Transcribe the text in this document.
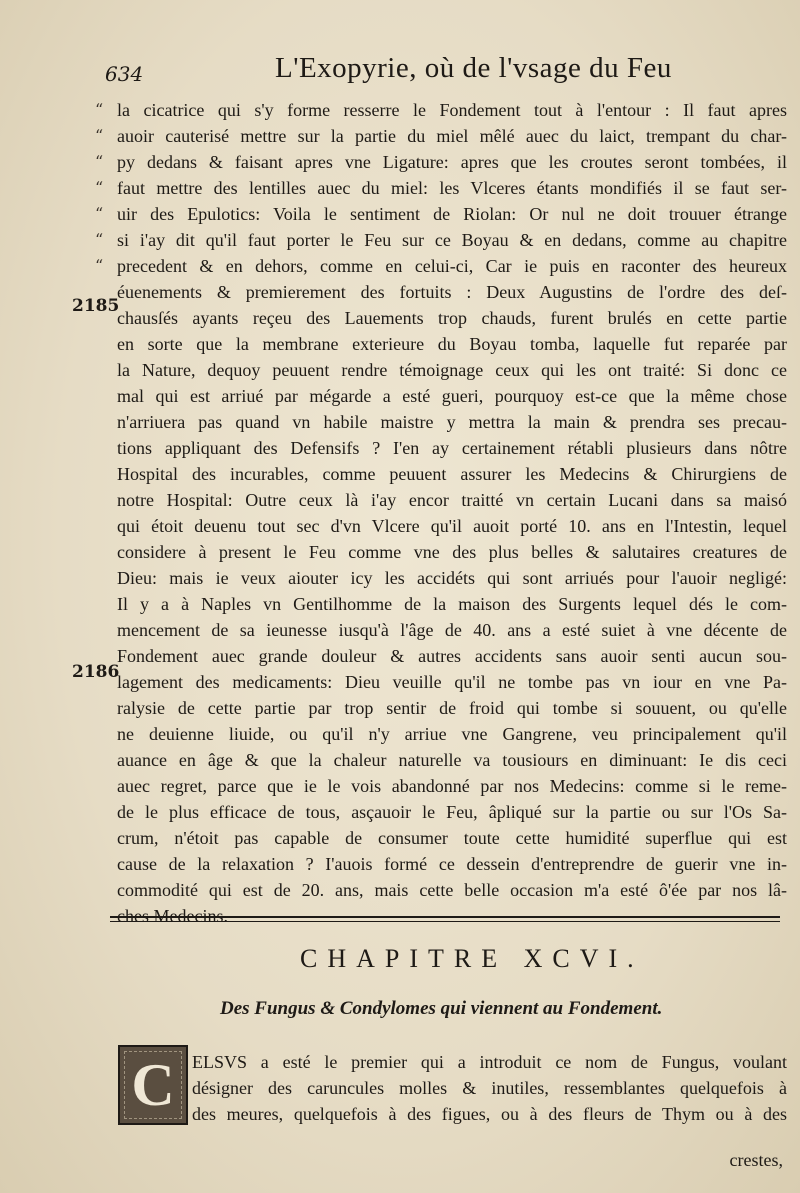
634	L'Exopyrie, où de l'vsage du Feu
“
“
“
“
“
“
“
2185
2186
la cicatrice qui s'y forme resserre le Fondement tout à l'entour : Il faut apres
auoir cauterisé mettre sur la partie du miel mêlé auec du laict, trempant du char-
py dedans & faisant apres vne Ligature: apres que les croutes seront tombées, il
faut mettre des lentilles auec du miel: les Vlceres étants mondifiés il se faut ser-
uir des Epulotics: Voila le sentiment de Riolan: Or nul ne doit trouuer étrange
si i'ay dit qu'il faut porter le Feu sur ce Boyau & en dedans, comme au chapitre
precedent & en dehors, comme en celui-ci, Car ie puis en raconter des heureux
éuenements & premierement des fortuits : Deux Augustins de l'ordre des deſ-
chausſés ayants reçeu des Lauements trop chauds, furent brulés en cette partie
en sorte que la membrane exterieure du Boyau tomba, laquelle fut reparée par
la Nature, dequoy peuuent rendre témoignage ceux qui les ont traité: Si donc ce
mal qui est arriué par mégarde a esté gueri, pourquoy est-ce que la même chose
n'arriuera pas quand vn habile maistre y mettra la main & prendra ses precau-
tions appliquant des Defensifs ? I'en ay certainement rétabli plusieurs dans nôtre
Hospital des incurables, comme peuuent assurer les Medecins & Chirurgiens de
notre Hospital: Outre ceux là i'ay encor traitté vn certain Lucani dans sa maisó
qui étoit deuenu tout sec d'vn Vlcere qu'il auoit porté 10. ans en l'Intestin, lequel
considere à present le Feu comme vne des plus belles & salutaires creatures de
Dieu: mais ie veux aiouter icy les accidéts qui sont arriués pour l'auoir negligé:
Il y a à Naples vn Gentilhomme de la maison des Surgents lequel dés le com-
mencement de sa ieunesse iusqu'à l'âge de 40. ans a esté suiet à vne décente de
Fondement auec grande douleur & autres accidents sans auoir senti aucun sou-
lagement des medicaments: Dieu veuille qu'il ne tombe pas vn iour en vne Pa-
ralysie de cette partie par trop sentir de froid qui tombe si souuent, ou qu'elle
ne deuienne liuide, ou qu'il n'y arriue vne Gangrene, veu principalement qu'il
auance en âge & que la chaleur naturelle va tousiours en diminuant: Ie dis ceci
auec regret, parce que ie le vois abandonné par nos Medecins: comme si le reme-
de le plus efficace de tous, asçauoir le Feu, âpliqué sur la partie ou sur l'Os Sa-
crum, n'étoit pas capable de consumer toute cette humidité superflue qui est
cause de la relaxation ? I'auois formé ce dessein d'entreprendre de guerir vne in-
commodité qui est de 20. ans, mais cette belle occasion m'a esté ô'ée par nos lâ-
ches Medecins.
CHAPITRE XCVI.
Des Fungus & Condylomes qui viennent au Fondement.
C ELSVS a esté le premier qui a introduit ce nom de Fungus, voulant
désigner des caruncules molles & inutiles, ressemblantes quelquefois à
des meures, quelquefois à des figues, ou à des fleurs de Thym ou à des
crestes,
